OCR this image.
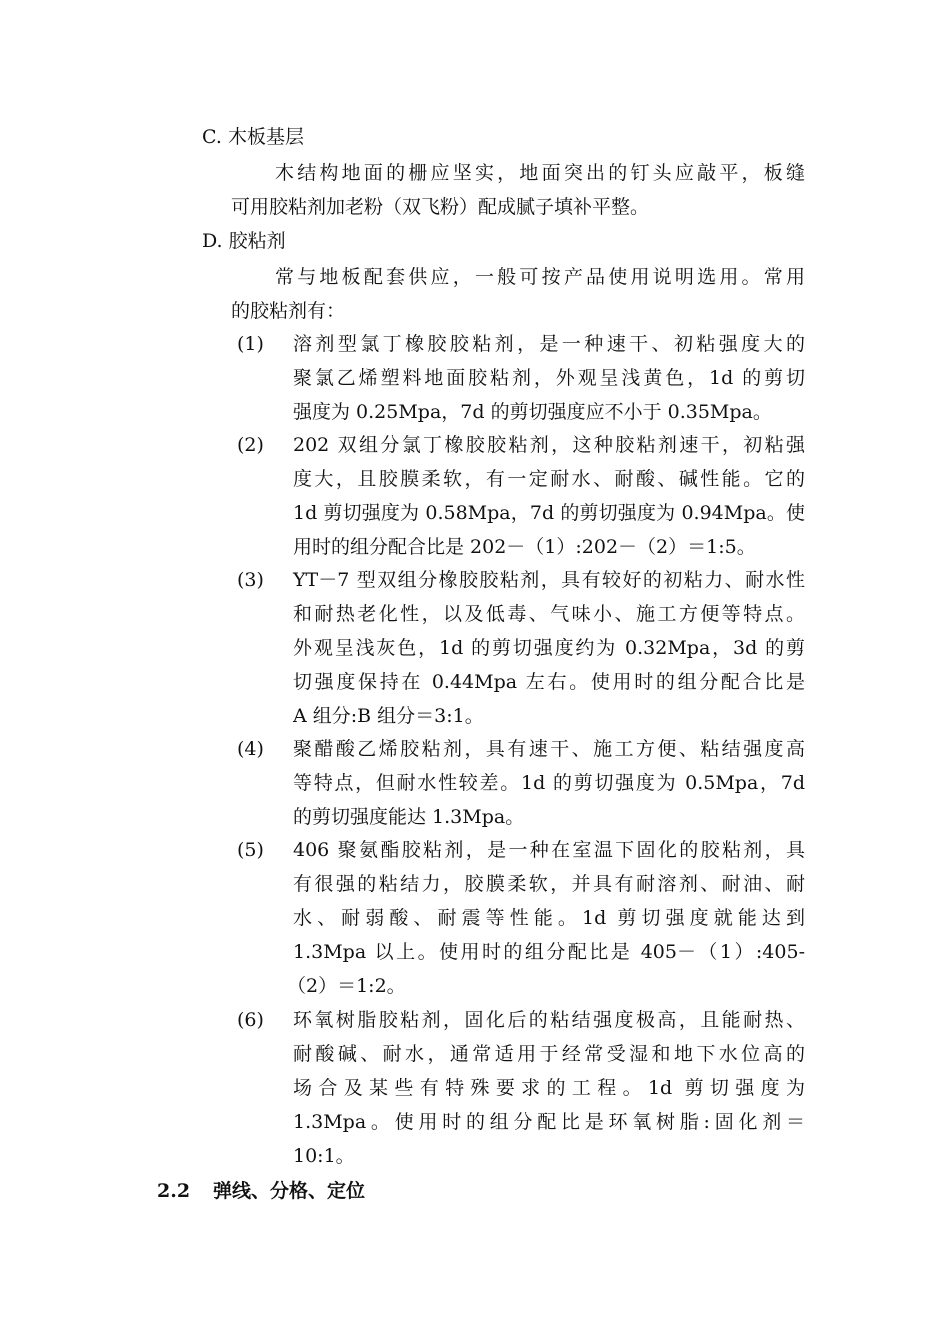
C. 木板基层
木结构地面的栅应坚实，地面突出的钉头应敲平，板缝
可用胶粘剂加老粉（双飞粉）配成腻子填补平整。
D. 胶粘剂
常与地板配套供应，一般可按产品使用说明选用。常用
的胶粘剂有：
(1) 溶剂型氯丁橡胶胶粘剂，是一种速干、初粘强度大的
聚氯乙烯塑料地面胶粘剂，外观呈浅黄色，1d 的剪切
强度为 0.25Mpa，7d 的剪切强度应不小于 0.35Mpa。
(2) 202 双组分氯丁橡胶胶粘剂，这种胶粘剂速干，初粘强
度大，且胶膜柔软，有一定耐水、耐酸、碱性能。它的
1d 剪切强度为 0.58Mpa，7d 的剪切强度为 0.94Mpa。使
用时的组分配合比是 202－（1）:202－（2）＝1:5。
(3) YT－7 型双组分橡胶胶粘剂，具有较好的初粘力、耐水性
和耐热老化性，以及低毒、气味小、施工方便等特点。
外观呈浅灰色，1d 的剪切强度约为 0.32Mpa，3d 的剪
切强度保持在 0.44Mpa 左右。使用时的组分配合比是
A 组分:B 组分＝3:1。
(4) 聚醋酸乙烯胶粘剂，具有速干、施工方便、粘结强度高
等特点，但耐水性较差。1d 的剪切强度为 0.5Mpa，7d
的剪切强度能达 1.3Mpa。
(5) 406 聚氨酯胶粘剂，是一种在室温下固化的胶粘剂，具
有很强的粘结力，胶膜柔软，并具有耐溶剂、耐油、耐
水、耐弱酸、耐震等性能。1d 剪切强度就能达到
1.3Mpa 以上。使用时的组分配比是 405－（1）:405-
（2）＝1:2。
(6) 环氧树脂胶粘剂，固化后的粘结强度极高，且能耐热、
耐酸碱、耐水，通常适用于经常受湿和地下水位高的
场合及某些有特殊要求的工程。1d 剪切强度为
1.3Mpa。使用时的组分配比是环氧树脂:固化剂＝
10:1。
2.2 弹线、分格、定位
